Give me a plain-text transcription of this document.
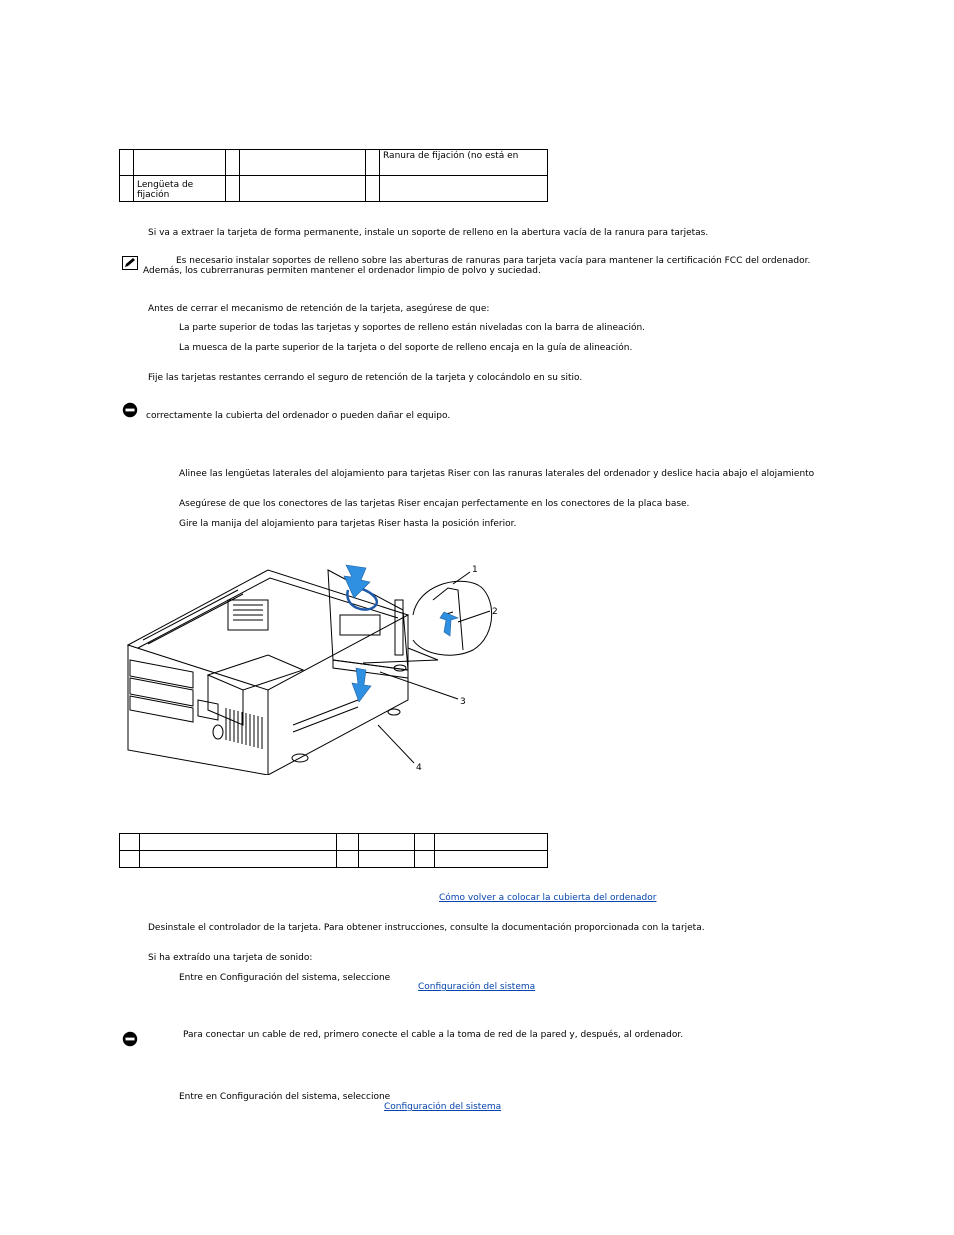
					Ranura de fijación (no está en
	Lengüeta de
fijación				
Si va a extraer la tarjeta de forma permanente, instale un soporte de relleno en la abertura vacía de la ranura para tarjetas.
Es necesario instalar soportes de relleno sobre las aberturas de ranuras para tarjeta vacía para mantener la certificación FCC del ordenador.
Además, los cubrerranuras permiten mantener el ordenador limpio de polvo y suciedad.
Antes de cerrar el mecanismo de retención de la tarjeta, asegúrese de que:
La parte superior de todas las tarjetas y soportes de relleno están niveladas con la barra de alineación.
La muesca de la parte superior de la tarjeta o del soporte de relleno encaja en la guía de alineación.
Fije las tarjetas restantes cerrando el seguro de retención de la tarjeta y colocándolo en su sitio.
correctamente la cubierta del ordenador o pueden dañar el equipo.
Alinee las lengüetas laterales del alojamiento para tarjetas Riser con las ranuras laterales del ordenador y deslice hacia abajo el alojamiento
Asegúrese de que los conectores de las tarjetas Riser encajan perfectamente en los conectores de la placa base.
Gire la manija del alojamiento para tarjetas Riser hasta la posición inferior.
1
2
3
4

Cómo volver a colocar la cubierta del ordenador
Desinstale el controlador de la tarjeta. Para obtener instrucciones, consulte la documentación proporcionada con la tarjeta.
Si ha extraído una tarjeta de sonido:
Entre en Configuración del sistema, seleccione
Configuración del sistema
Para conectar un cable de red, primero conecte el cable a la toma de red de la pared y, después, al ordenador.
Entre en Configuración del sistema, seleccione
Configuración del sistema
